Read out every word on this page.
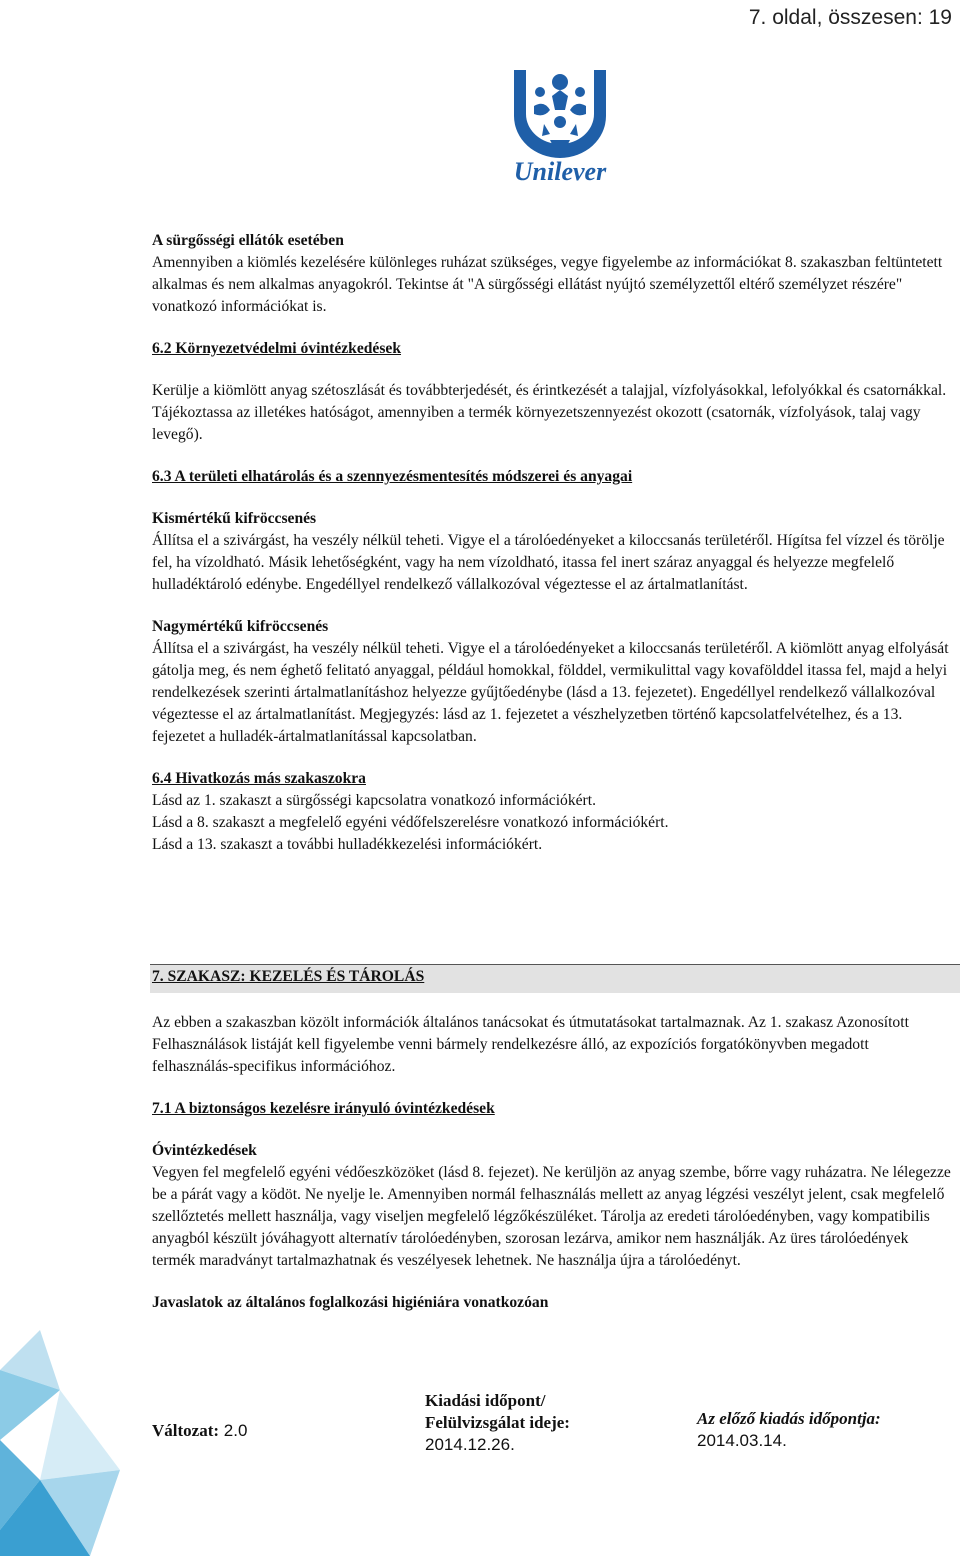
7. oldal, összesen: 19
Unilever

A sürgősségi ellátók esetében

Amennyiben a kiömlés kezelésére különleges ruházat szükséges, vegye figyelembe az információkat 8. szakaszban feltüntetett alkalmas és nem alkalmas anyagokról. Tekintse át "A sürgősségi ellátást nyújtó személyzettől eltérő személyzet részére" vonatkozó információkat is.

6.2 Környezetvédelmi óvintézkedések

Kerülje a kiömlött anyag szétoszlását és továbbterjedését, és érintkezését a talajjal, vízfolyásokkal, lefolyókkal és csatornákkal. Tájékoztassa az illetékes hatóságot, amennyiben a termék környezetszennyezést okozott (csatornák, vízfolyások, talaj vagy levegő).

6.3 A területi elhatárolás és a szennyezésmentesítés módszerei és anyagai

Kismértékű kifröccsenés

Állítsa el a szivárgást, ha veszély nélkül teheti. Vigye el a tárolóedényeket a kiloccsanás területéről. Hígítsa fel vízzel és törölje fel, ha vízoldható. Másik lehetőségként, vagy ha nem vízoldható, itassa fel inert száraz anyaggal és helyezze megfelelő hulladéktároló edénybe. Engedéllyel rendelkező vállalkozóval végeztesse el az ártalmatlanítást.

Nagymértékű kifröccsenés

Állítsa el a szivárgást, ha veszély nélkül teheti. Vigye el a tárolóedényeket a kiloccsanás területéről. A kiömlött anyag elfolyását gátolja meg, és nem éghető felitató anyaggal, például homokkal, földdel, vermikulittal vagy kovafölddel itassa fel, majd a helyi rendelkezések szerinti ártalmatlanításhoz helyezze gyűjtőedénybe (lásd a 13. fejezetet). Engedéllyel rendelkező vállalkozóval végeztesse el az ártalmatlanítást. Megjegyzés: lásd az 1. fejezetet a vészhelyzetben történő kapcsolatfelvételhez, és a 13. fejezetet a hulladék-ártalmatlanítással kapcsolatban.

6.4 Hivatkozás más szakaszokra

Lásd az 1. szakaszt a sürgősségi kapcsolatra vonatkozó információkért.

Lásd a 8. szakaszt a megfelelő egyéni védőfelszerelésre vonatkozó információkért.

Lásd a 13. szakaszt a további hulladékkezelési információkért.

7. SZAKASZ: KEZELÉS ÉS TÁROLÁS

Az ebben a szakaszban közölt információk általános tanácsokat és útmutatásokat tartalmaznak. Az 1. szakasz Azonosított Felhasználások listáját kell figyelembe venni bármely rendelkezésre álló, az expozíciós forgatókönyvben megadott felhasználás-specifikus információhoz.

7.1 A biztonságos kezelésre irányuló óvintézkedések

Óvintézkedések

Vegyen fel megfelelő egyéni védőeszközöket (lásd 8. fejezet). Ne kerüljön az anyag szembe, bőrre vagy ruházatra. Ne lélegezze be a párát vagy a ködöt. Ne nyelje le. Amennyiben normál felhasználás mellett az anyag légzési veszélyt jelent, csak megfelelő szellőztetés mellett használja, vagy viseljen megfelelő légzőkészüléket. Tárolja az eredeti tárolóedényben, vagy kompatibilis anyagból készült jóváhagyott alternatív tárolóedényben, szorosan lezárva, amikor nem használják. Az üres tárolóedények termék maradványt tartalmazhatnak és veszélyesek lehetnek. Ne használja újra a tárolóedényt.

Javaslatok az általános foglalkozási higiéniára vonatkozóan

Változat: 2.0
Kiadási időpont/
Felülvizsgálat ideje:
2014.12.26.
Az előző kiadás időpontja:
2014.03.14.
